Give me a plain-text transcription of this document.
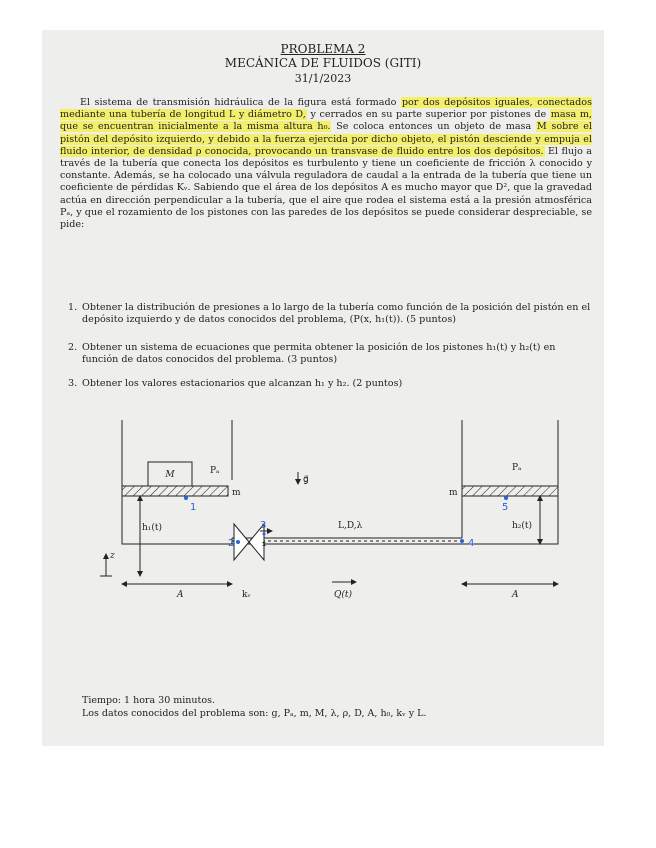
PROBLEMA 2
MECÁNICA DE FLUIDOS (GITI)
31/1/2023
El sistema de transmisión hidráulica de la figura está formado por dos depósitos iguales, conectados mediante una tubería de longitud L y diámetro D, y cerrados en su parte superior por pistones de masa m, que se encuentran inicialmente a la misma altura h₀. Se coloca entonces un objeto de masa M sobre el pistón del depósito izquierdo, y debido a la fuerza ejercida por dicho objeto, el pistón desciende y empuja el fluido interior, de densidad ρ conocida, provocando un transvase de fluido entre los dos depósitos. El flujo a través de la tubería que conecta los depósitos es turbulento y tiene un coeficiente de fricción λ conocido y constante. Además, se ha colocado una válvula reguladora de caudal a la entrada de la tubería que tiene un coeficiente de pérdidas Kᵥ. Sabiendo que el área de los depósitos A es mucho mayor que D², que la gravedad actúa en dirección perpendicular a la tubería, que el aire que rodea el sistema está a la presión atmosférica Pₐ, y que el rozamiento de los pistones con las paredes de los depósitos se puede considerar despreciable, se pide:
1. Obtener la distribución de presiones a lo largo de la tubería como función de la posición del pistón en el depósito izquierdo y de datos conocidos del problema, (P(x, h₁(t)). (5 puntos)
2. Obtener un sistema de ecuaciones que permita obtener la posición de los pistones h₁(t) y h₂(t) en función de datos conocidos del problema. (3 puntos)
3. Obtener los valores estacionarios que alcanzan h₁ y h₂. (2 puntos)
M	Pₐ	Pₐ
m	m
g⃗
h₁(t)	h₂(t)
L,D,λ
z
x
A	A
kᵥ	Q(t)
1
2
3
4
5
Tiempo: 1 hora 30 minutos.
Los datos conocidos del problema son: g, Pₐ, m, M, λ, ρ, D, A, h₀, kᵥ y L.
